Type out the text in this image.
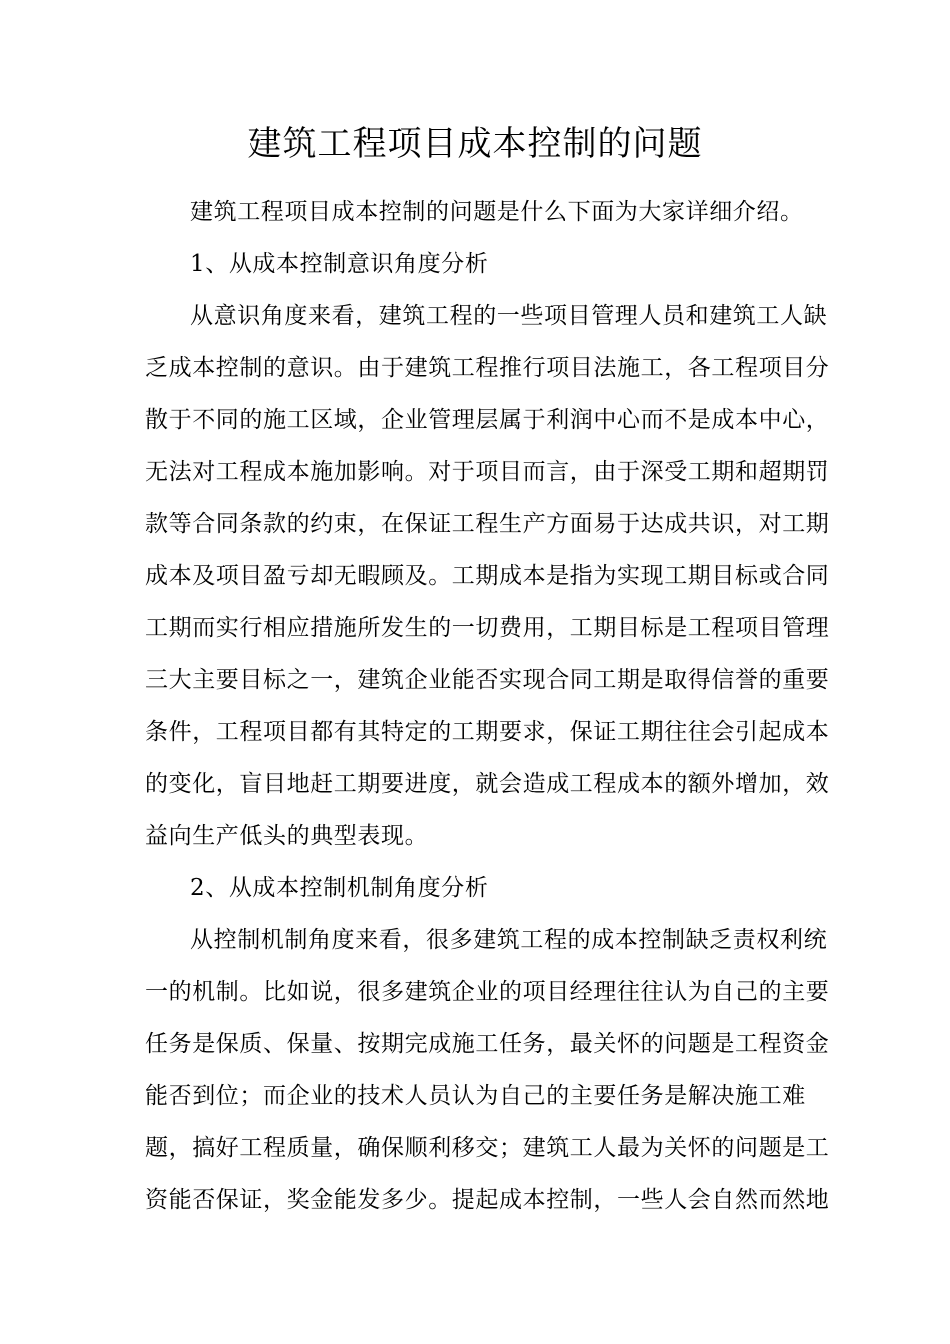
建筑工程项目成本控制的问题
建筑工程项目成本控制的问题是什么下面为大家详细介绍。
1、从成本控制意识角度分析
从意识角度来看，建筑工程的一些项目管理人员和建筑工人缺
乏成本控制的意识。由于建筑工程推行项目法施工，各工程项目分
散于不同的施工区域，企业管理层属于利润中心而不是成本中心，
无法对工程成本施加影响。对于项目而言，由于深受工期和超期罚
款等合同条款的约束，在保证工程生产方面易于达成共识，对工期
成本及项目盈亏却无暇顾及。工期成本是指为实现工期目标或合同
工期而实行相应措施所发生的一切费用，工期目标是工程项目管理
三大主要目标之一，建筑企业能否实现合同工期是取得信誉的重要
条件，工程项目都有其特定的工期要求，保证工期往往会引起成本
的变化，盲目地赶工期要进度，就会造成工程成本的额外增加，效
益向生产低头的典型表现。
2、从成本控制机制角度分析
从控制机制角度来看，很多建筑工程的成本控制缺乏责权利统
一的机制。比如说，很多建筑企业的项目经理往往认为自己的主要
任务是保质、保量、按期完成施工任务，最关怀的问题是工程资金
能否到位；而企业的技术人员认为自己的主要任务是解决施工难
题，搞好工程质量，确保顺利移交；建筑工人最为关怀的问题是工
资能否保证，奖金能发多少。提起成本控制，一些人会自然而然地
